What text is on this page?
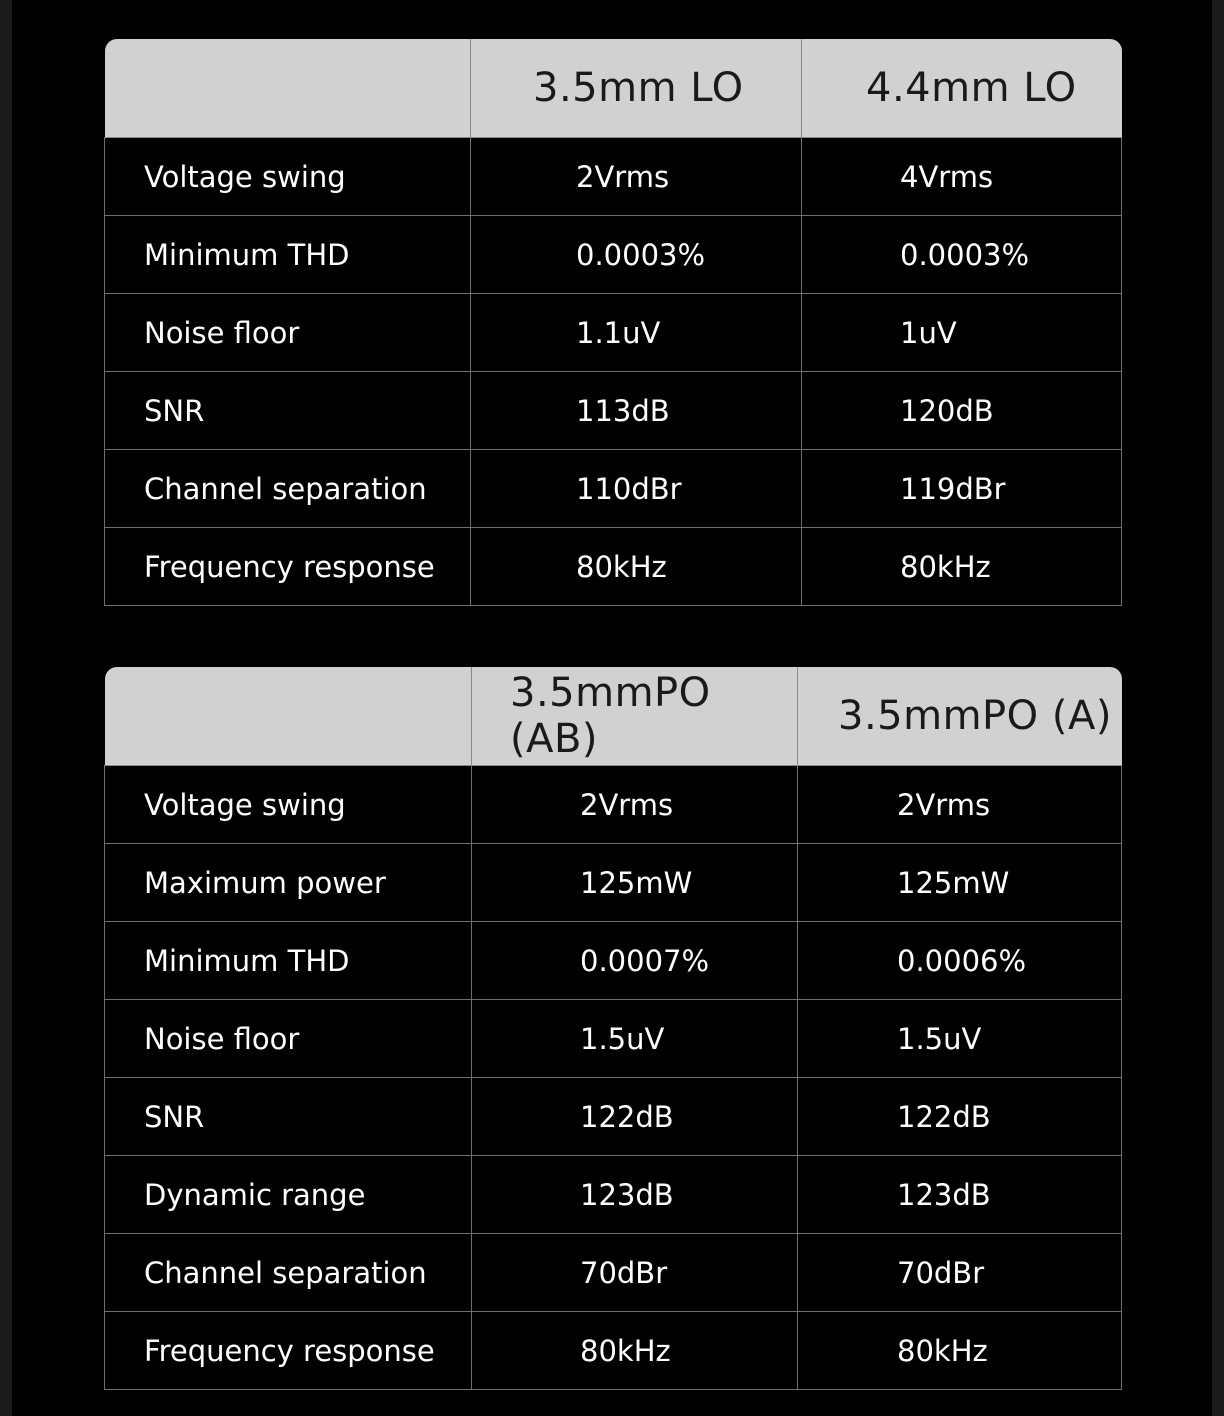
	3.5mm LO	4.4mm LO
Voltage swing	2Vrms	4Vrms
Minimum THD	0.0003%	0.0003%
Noise floor	1.1uV	1uV
SNR	113dB	120dB
Channel separation	110dBr	119dBr
Frequency response	80kHz	80kHz
	3.5mmPO (AB)	3.5mmPO (A)
Voltage swing	2Vrms	2Vrms
Maximum power	125mW	125mW
Minimum THD	0.0007%	0.0006%
Noise floor	1.5uV	1.5uV
SNR	122dB	122dB
Dynamic range	123dB	123dB
Channel separation	70dBr	70dBr
Frequency response	80kHz	80kHz
